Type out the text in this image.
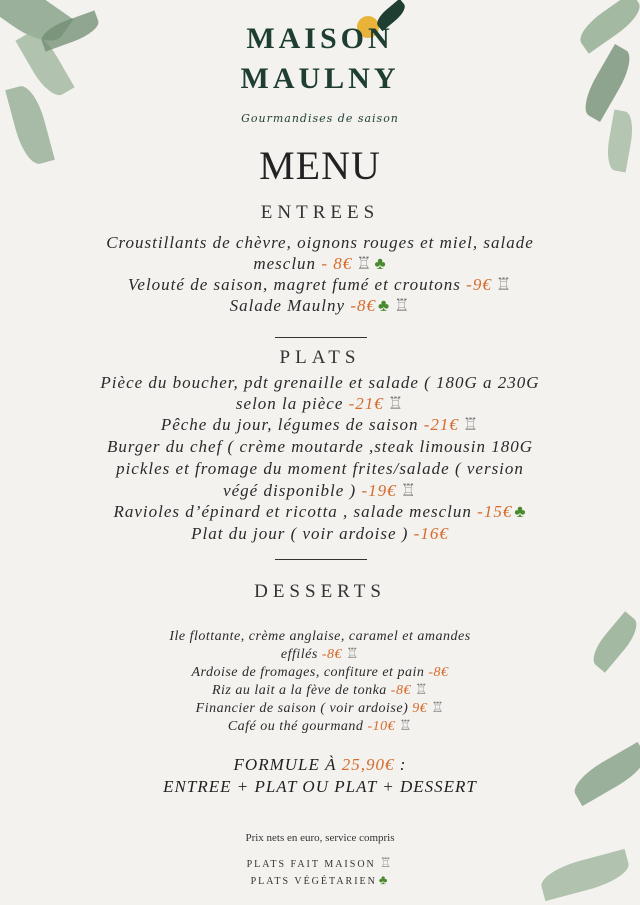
MAISON
MAULNY
Gourmandises de saison
MENU
ENTREES
Croustillants de chèvre, oignons rouges et miel, salade
mesclun - 8€ ♖ ♣
Velouté de saison, magret fumé et croutons -9€ ♖
Salade Maulny -8€ ♣ ♖
PLATS
Pièce du boucher, pdt grenaille et salade ( 180G a 230G
selon la pièce -21€ ♖
Pêche du jour, légumes de saison -21€ ♖
Burger du chef ( crème moutarde ,steak limousin 180G
pickles et fromage du moment frites/salade ( version
végé disponible ) -19€ ♖
Ravioles d’épinard et ricotta , salade mesclun -15€ ♣
Plat du jour ( voir ardoise ) -16€
DESSERTS
Ile flottante, crème anglaise, caramel et amandes
effilés -8€ ♖
Ardoise de fromages, confiture et pain -8€
Riz au lait a la fève de tonka -8€ ♖
Financier de saison ( voir ardoise) 9€ ♖
Café ou thé gourmand -10€ ♖
FORMULE À 25,90€ :
ENTREE + PLAT OU PLAT + DESSERT
Prix nets en euro, service compris
PLATS FAIT MAISON ♖
PLATS VÉGÉTARIEN ♣
